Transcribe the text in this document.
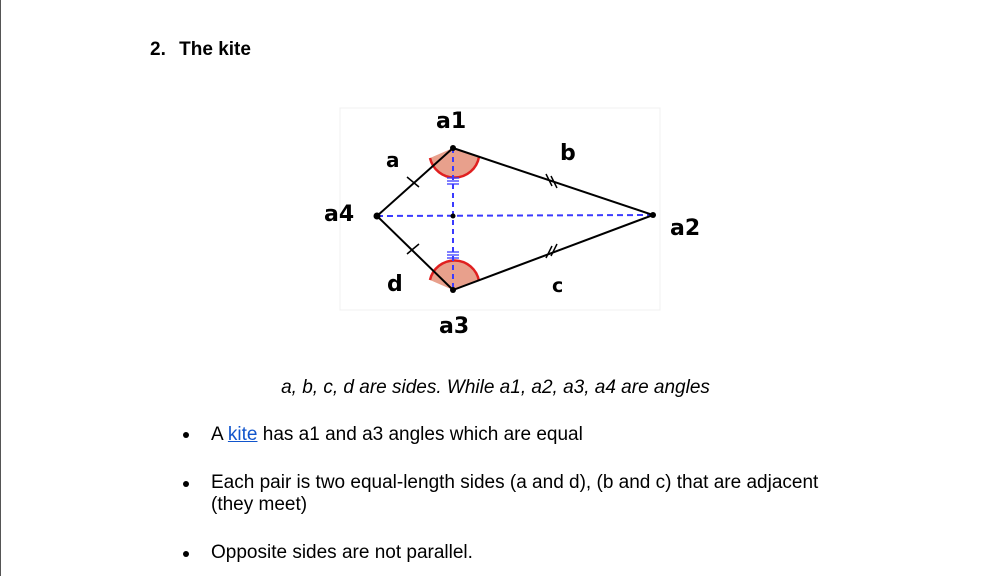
2. The kite
a1
a2
a3
a4
a	b
c
d
a, b, c, d are sides. While a1, a2, a3, a4 are angles
A kite has a1 and a3 angles which are equal
Each pair is two equal-length sides (a and d), (b and c) that are adjacent
(they meet)
Opposite sides are not parallel.
